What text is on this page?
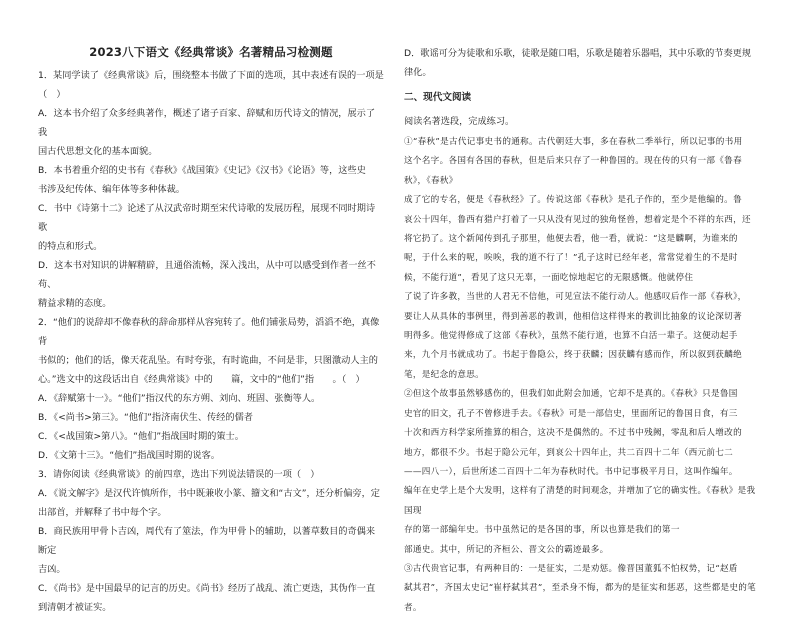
2023八下语文《经典常谈》名著精品习检测题
1．某同学读了《经典常谈》后，围绕整本书做了下面的选项，其中表述有误的一项是
（　）
A．这本书介绍了众多经典著作，概述了诸子百家、辞赋和历代诗文的情况，展示了我
国古代思想文化的基本面貌。
B．本书着重介绍的史书有《春秋》《战国策》《史记》《汉书》《论语》等，这些史
书涉及纪传体、编年体等多种体裁。
C．书中《诗第十二》论述了从汉武帝时期至宋代诗歌的发展历程，展现不同时期诗歌
的特点和形式。
D．这本书对知识的讲解精辟，且通俗流畅，深入浅出，从中可以感受到作者一丝不苟、
精益求精的态度。
2．“他们的说辞却不像春秋的辞命那样从容宛转了。他们铺张局势，滔滔不绝，真像背
书似的；他们的话，像天花乱坠。有时夸张，有时诡曲，不问是非，只图激动人主的
心。”选文中的这段话出自《经典常谈》中的　　篇，文中的“他们”指　　。（　）
A．《辞赋第十一》。“他们”指汉代的东方朔、刘向、班固、张衡等人。
B．《<尚书>第三》。“他们”指济南伏生、传经的儒者
C．《<战国策>第八》。“他们”指战国时期的策士。
D．《文第十三》。“他们”指战国时期的说客。
3．请你阅读《经典常谈》的前四章，选出下列说法错误的一项（　）
A．《说文解字》是汉代许慎所作，书中既兼收小篆、籀文和“古文”，还分析偏旁，定
出部首，并解释了书中每个字。
B．商民族用甲骨卜吉凶，周代有了筮法，作为甲骨卜的辅助，以蓍草数目的奇偶来断定
吉凶。
C．《尚书》是中国最早的记言的历史。《尚书》经历了战乱、流亡更迭，其伪作一直
到清朝才被证实。
D．歌谣可分为徒歌和乐歌，徒歌是随口唱，乐歌是随着乐器唱，其中乐歌的节奏更规
律化。
二、现代文阅读
阅读名著选段，完成练习。
①“春秋”是古代记事史书的通称。古代朝廷大事，多在春秋二季举行，所以记事的书用
这个名字。各国有各国的春秋，但是后来只存了一种鲁国的。现在传的只有一部《鲁春秋》，《春秋》
成了它的专名，便是《春秋经》了。传说这部《春秋》是孔子作的，至少是他编的。鲁
哀公十四年，鲁西有猎户打着了一只从没有见过的独角怪兽，想着定是个不祥的东西，还
将它扔了。这个新闻传到孔子那里，他便去看，他一看，就说：“这是麟啊，为谁来的
呢，于什么来的呢，唉唉，我的道不行了！”孔子这时已经年老，常常觉着生的不是时
候，不能行道”，看见了这只无辜，一面吃惊地起它的无限感慨。他就停住
了说了许多教，当世的人君无不信他，可见宣法不能行动人。他感叹后作一部《春秋》，
要让人从具体的事例里，得到善恶的教训，他相信这样得来的教训比抽象的议论深切著
明得多。他觉得修成了这部《春秋》，虽然不能行道，也算不白活一辈子。这便动起手
来，九个月书就成功了。书起于鲁隐公，终于获麟；因获麟有感而作，所以叙到获麟绝
笔，是纪念的意思。
②但这个故事虽然够感伤的，但我们如此附会加通，它却不是真的。《春秋》只是鲁国
史官的旧文，孔子不曾修进手去。《春秋》可是一部信史，里面所记的鲁国日食，有三
十次和西方科学家所推算的相合，这决不是偶然的。不过书中残阙，零乱和后人增改的
地方，都很不少。书起于隐公元年，到哀公十四年止，共二百四十二年（西元前七二
——四八一），后世所述二百四十二年为春秋时代。书中记事极平月日，这叫作编年。
编年在史学上是个大发明，这样有了清楚的时间观念，并增加了它的确实性。《春秋》是我国现
存的第一部编年史。书中虽然记的是各国的事，所以也算是我们的第一
部通史。其中，所记的齐桓公、晋文公的霸迹最多。
③古代贵官记事，有两种目的：一是征实，二是劝惩。像晋国董狐不怕权势，记“赵盾
弑其君”，齐国太史记“崔杼弑其君”，至杀身不悔，都为的是征实和惩恶，这些都是史的笔者。
